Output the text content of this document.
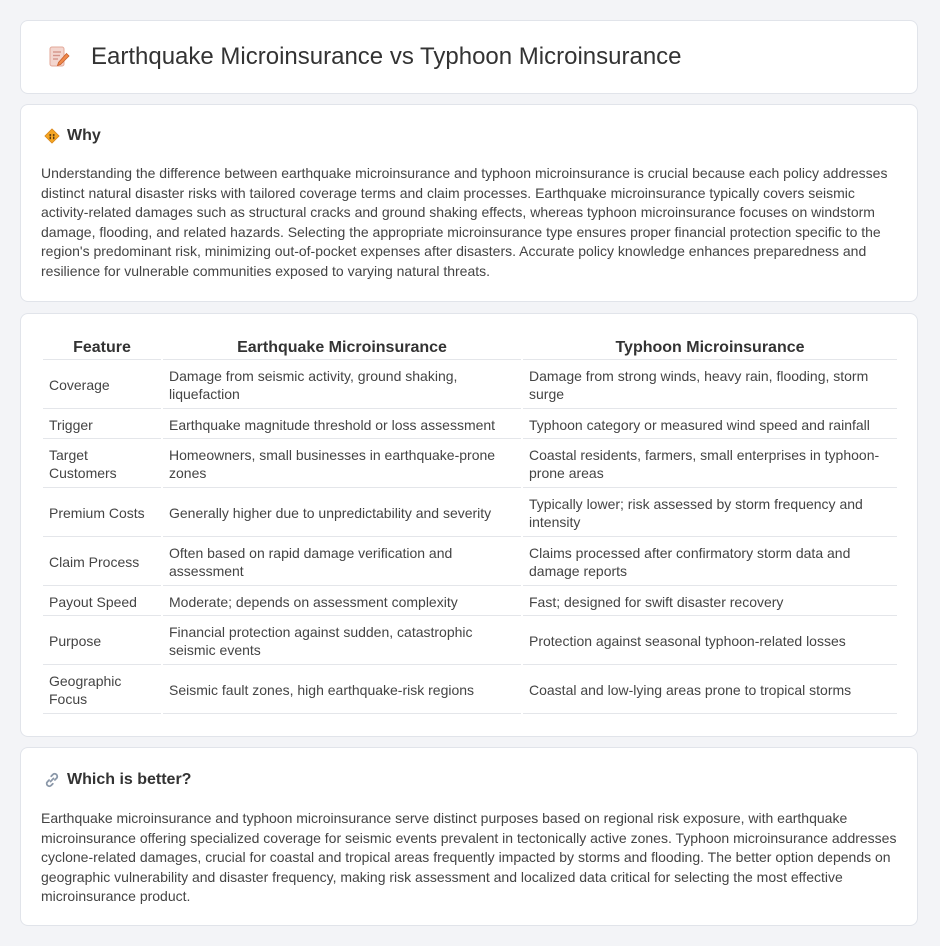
Earthquake Microinsurance vs Typhoon Microinsurance
Why

Understanding the difference between earthquake microinsurance and typhoon microinsurance is crucial because each policy addresses distinct natural disaster risks with tailored coverage terms and claim processes. Earthquake microinsurance typically covers seismic activity-related damages such as structural cracks and ground shaking effects, whereas typhoon microinsurance focuses on windstorm damage, flooding, and related hazards. Selecting the appropriate microinsurance type ensures proper financial protection specific to the region's predominant risk, minimizing out-of-pocket expenses after disasters. Accurate policy knowledge enhances preparedness and resilience for vulnerable communities exposed to varying natural threats.

Feature	Earthquake Microinsurance	Typhoon Microinsurance
Coverage	Damage from seismic activity, ground shaking, liquefaction	Damage from strong winds, heavy rain, flooding, storm surge
Trigger	Earthquake magnitude threshold or loss assessment	Typhoon category or measured wind speed and rainfall
Target Customers	Homeowners, small businesses in earthquake-prone zones	Coastal residents, farmers, small enterprises in typhoon-prone areas
Premium Costs	Generally higher due to unpredictability and severity	Typically lower; risk assessed by storm frequency and intensity
Claim Process	Often based on rapid damage verification and assessment	Claims processed after confirmatory storm data and damage reports
Payout Speed	Moderate; depends on assessment complexity	Fast; designed for swift disaster recovery
Purpose	Financial protection against sudden, catastrophic seismic events	Protection against seasonal typhoon-related losses
Geographic Focus	Seismic fault zones, high earthquake-risk regions	Coastal and low-lying areas prone to tropical storms
Which is better?

Earthquake microinsurance and typhoon microinsurance serve distinct purposes based on regional risk exposure, with earthquake microinsurance offering specialized coverage for seismic events prevalent in tectonically active zones. Typhoon microinsurance addresses cyclone-related damages, crucial for coastal and tropical areas frequently impacted by storms and flooding. The better option depends on geographic vulnerability and disaster frequency, making risk assessment and localized data critical for selecting the most effective microinsurance product.
